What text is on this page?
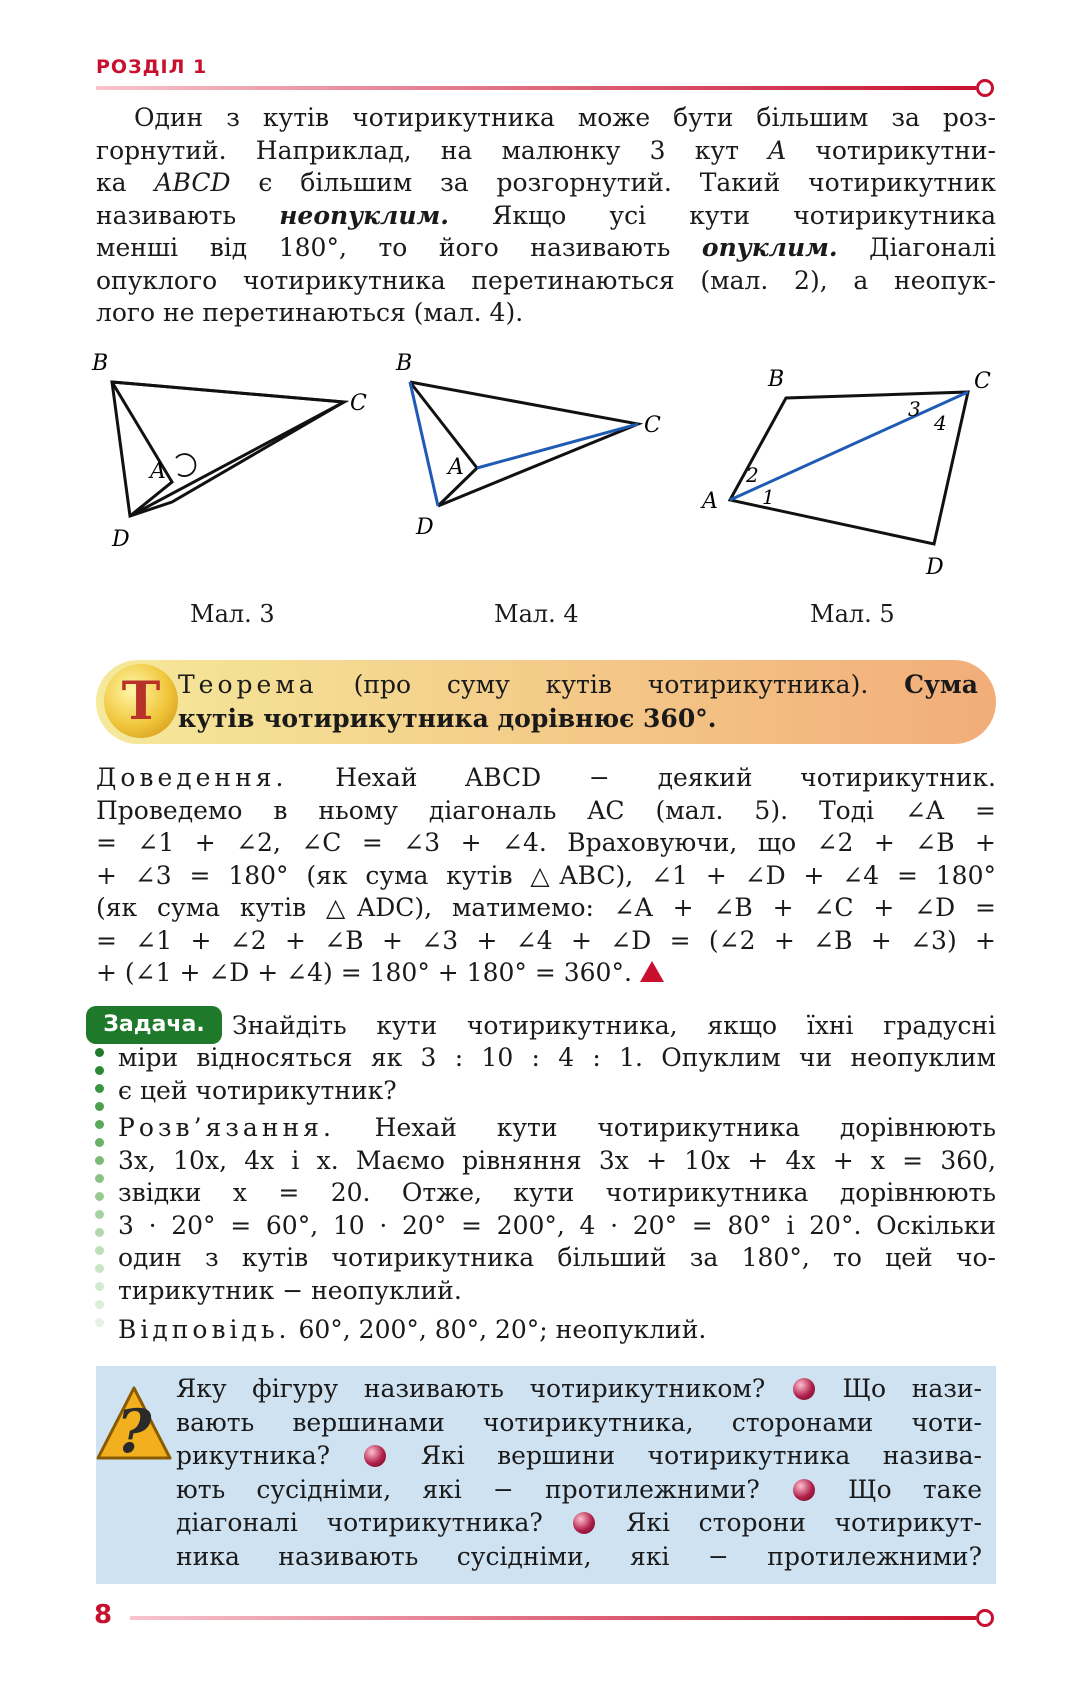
РОЗДІЛ 1
Один з кутів чотирикутника може бути більшим за роз-
горнутий. Наприклад, на малюнку 3 кут A чотирикутни-
ка ABCD є більшим за розгорнутий. Такий чотирикутник
називають неопуклим. Якщо усі кути чотирикутника
менші від 180°, то його називають опуклим. Діагоналі
опуклого чотирикутника перетинаються (мал. 2), а неопук-
лого не перетинаються (мал. 4).
B
C
A
D
B
C
A
D
B	C
A
D
1
2
3
4
Мал. 3	Мал. 4	Мал. 5
T Теорема (про суму кутів чотирикутника). Сума
кутів чотирикутника дорівнює 360°.
Доведення. Нехай ABCD − деякий чотирикутник.
Проведемо в ньому діагональ AC (мал. 5). Тоді ∠A =
= ∠1 + ∠2, ∠C = ∠3 + ∠4. Враховуючи, що ∠2 + ∠B +
+ ∠3 = 180° (як сума кутів △ABC), ∠1 + ∠D + ∠4 = 180°
(як сума кутів △ADC), матимемо: ∠A + ∠B + ∠C + ∠D =
= ∠1 + ∠2 + ∠B + ∠3 + ∠4 + ∠D = (∠2 + ∠B + ∠3) +
+ (∠1 + ∠D + ∠4) = 180° + 180° = 360°.
Задача.	Знайдіть кути чотирикутника, якщо їхні градусні
міри відносяться як 3 : 10 : 4 : 1. Опуклим чи неопуклим
є цей чотирикутник?
Розв’язання. Нехай кути чотирикутника дорівнюють
3x, 10x, 4x і x. Маємо рівняння 3x + 10x + 4x + x = 360,
звідки x = 20. Отже, кути чотирикутника дорівнюють
3 · 20° = 60°, 10 · 20° = 200°, 4 · 20° = 80° і 20°. Оскільки
один з кутів чотирикутника більший за 180°, то цей чо-
тирикутник − неопуклий.
Відповідь. 60°, 200°, 80°, 20°; неопуклий.
?
Яку фігуру називають чотирикутником?	Що нази-
вають вершинами чотирикутника, сторонами чоти-
рикутника?	Які вершини чотирикутника назива-
ють сусідніми, які − протилежними?	Що таке
діагоналі чотирикутника?	Які сторони чотирикут-
ника називають сусідніми, які − протилежними?
8
